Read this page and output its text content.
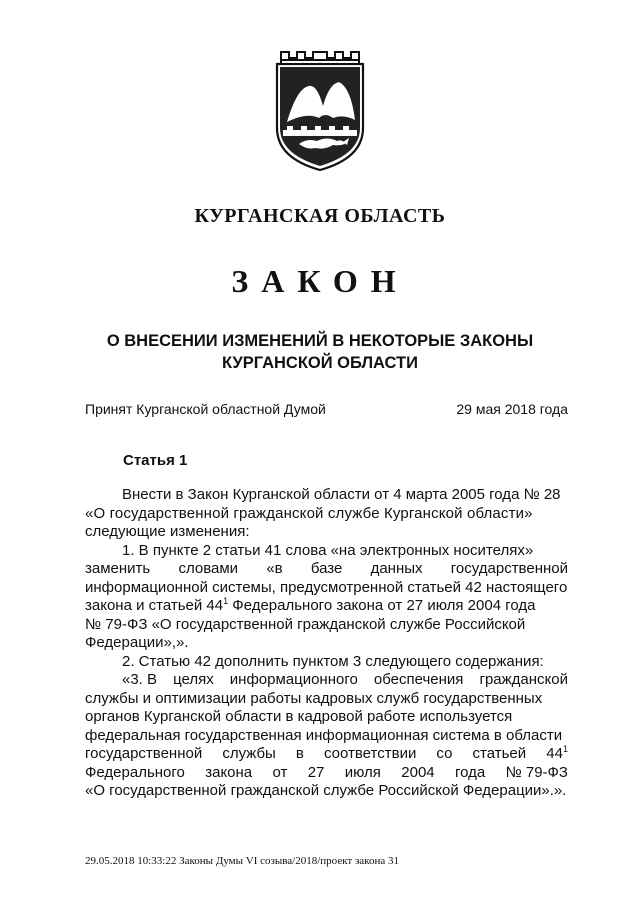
КУРГАНСКАЯ ОБЛАСТЬ
ЗАКОН
О ВНЕСЕНИИ ИЗМЕНЕНИЙ В НЕКОТОРЫЕ ЗАКОНЫ
КУРГАНСКОЙ ОБЛАСТИ
Принят Курганской областной Думой	29 мая 2018 года
Статья 1
Внести в Закон Курганской области от 4 марта 2005 года № 28
«О государственной гражданской службе Курганской области»
следующие изменения:
1. В пункте 2 статьи 41 слова «на электронных носителях»
заменить словами «в базе данных государственной
информационной системы, предусмотренной статьей 42 настоящего
закона и статьей $44^1$ Федерального закона от 27 июля 2004 года
№ 79-ФЗ «О государственной гражданской службе Российской
Федерации»,».
2. Статью 42 дополнить пунктом 3 следующего содержания:
«3. В целях информационного обеспечения гражданской
службы и оптимизации работы кадровых служб государственных
органов Курганской области в кадровой работе используется
федеральная государственная информационная система в области
государственной службы в соответствии со статьей $44^1$
Федерального закона от 27 июля 2004 года № 79-ФЗ
«О государственной гражданской службе Российской Федерации».».
29.05.2018 10:33:22 Законы Думы VI созыва/2018/проект закона 31
